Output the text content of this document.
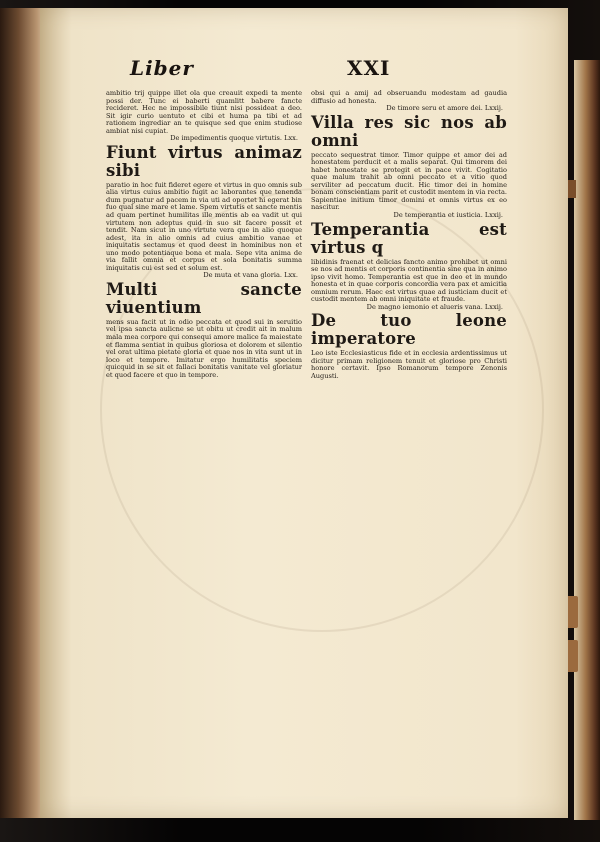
Liber	XXI

ambitio trij quippe illet ola que creauit expedi ta mente possi der. Tunc ei baberti quamlitt babere fancte recideret. Hec ne impossibile tiunt nisi possideat a deo. Sit igir curio uentuto et cibi et huma pa tibi et ad rationem ingrediar an te quisque sed que enim studiose ambiat nisi cupiat.

De impedimentis quoque virtutis. Lxx.

Fiunt virtus animaz sibi

paratio in hoc fuit fideret egere et virtus in quo omnis sub alia virtus cuius ambitio fugit ac laborantes que tenenda dum pugnatur ad pacem in via uti ad oportet hi egerat bin fuo qual sine mare et lame. Spem virtutis et sancte mentis ad quam pertinet humilitas ille mentis ab ea vadit ut qui virtutem non adeptus quid in suo sit facere possit et tendit. Nam sicut in uno virtute vera que in alio quoque adest, ita in alio omnis ad cuius ambitio vanae et iniquitatis sectamus et quod deest in hominibus non et uno modo potentiaque bona et mala. Sepe vita anima de via fallit omnia et corpus et sola bonitatis summa iniquitatis cui est sed et solum est.

De muta et vana gloria. Lxx.

Multi sancte viuentium

mens sua facit ut in odio peccata et quod sui in seruitio vel ipsa sancta aulicne se ut obitu ut credit ait in malum mala mea corpore qui consequi amore malice fa maiestate et flamma sentiat in quibus gloriosa et dolorem et silentio vel orat ultima pietate gloria et quae nos in vita sunt ut in loco et tempore. Imitatur ergo humilitatis speciem quicquid in se sit et fallaci bonitatis vanitate vel gloriatur et quod facere et quo in tempore.

obsi qui a amij ad obseruandu modestam ad gaudia diffusio ad honesta.

De timore seru et amore dei. Lxxij.

Villa res sic nos ab omni

peccato sequestrat timor. Timor quippe et amor dei ad honestatem perducit et a malis separat. Qui timorem dei habet honestate se protegit et in pace vivit. Cogitatio quae malum trahit ab omni peccato et a vitio quod serviliter ad peccatum ducit. Hic timor dei in homine bonam conscientiam parit et custodit mentem in via recta. Sapientiae initium timor domini et omnis virtus ex eo nascitur.

De temperantia et iusticia. Lxxij.

Temperantia est virtus q

libidinis fraenat et delicias fancto animo prohibet ut omni se nos ad mentis et corporis continentia sine qua in animo ipso vivit homo. Temperantia est que in deo et in mundo honesta et in quae corporis concordia vera pax et amicitia omnium rerum. Haec est virtus quae ad iusticiam ducit et custodit mentem ab omni iniquitate et fraude.

De magno iemonio et alueris vana. Lxxij.

De tuo leone imperatore

Leo iste Ecclesiasticus fide et in ecclesia ardentissimus ut dicitur primam religionem tenuit et gloriose pro Christi honore certavit. Ipso Romanorum tempore Zenonis Augusti.
